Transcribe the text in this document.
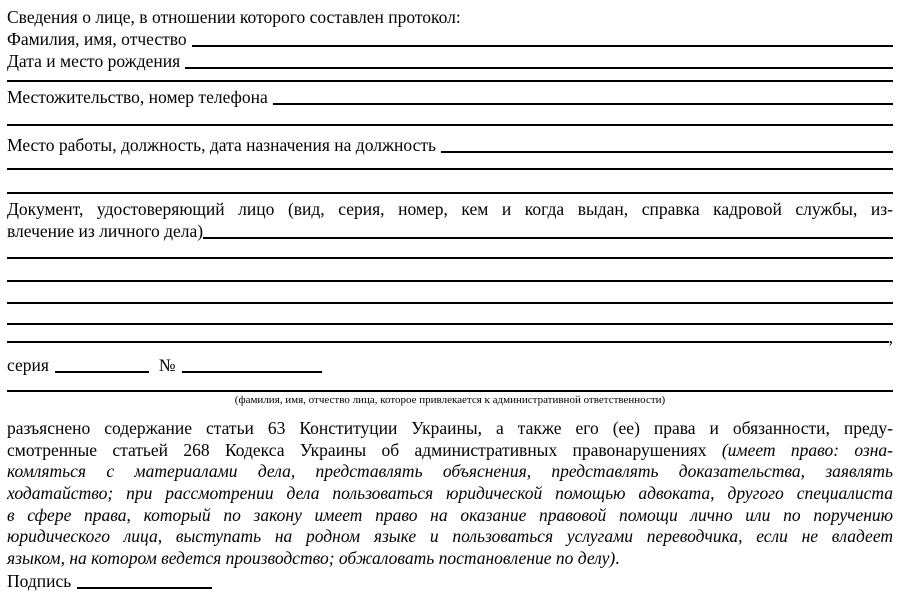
Сведения о лице, в отношении которого составлен протокол:
Фамилия, имя, отчество
Дата и место рождения
Местожительство, номер телефона
Место работы, должность, дата назначения на должность
Документ, удостоверяющий лицо (вид, серия, номер, кем и когда выдан, справка кадровой службы, из-
влечение из личного дела)
,
серия	№
(фамилия, имя, отчество лица, которое привлекается к административной ответственности)
разъяснено содержание статьи 63 Конституции Украины, а также его (ее) права и обязанности, преду-
смотренные статьей 268 Кодекса Украины об административных правонарушениях (имеет право: озна-
комляться с материалами дела, представлять объяснения, представлять доказательства, заявлять
ходатайство; при рассмотрении дела пользоваться юридической помощью адвоката, другого специалиста
в сфере права, который по закону имеет право на оказание правовой помощи лично или по поручению
юридического лица, выступать на родном языке и пользоваться услугами переводчика, если не владеет
языком, на котором ведется производство; обжаловать постановление по делу).
Подпись
